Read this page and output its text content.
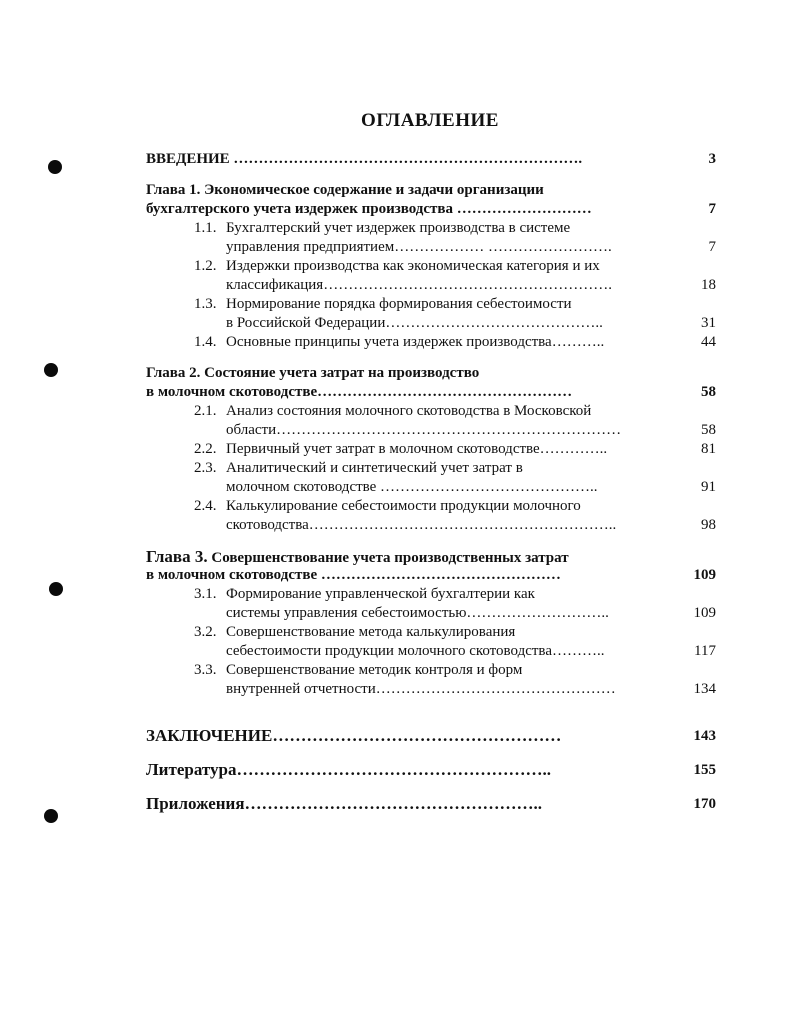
ОГЛАВЛЕНИЕ
ВВЕДЕНИЕ …………………………………………………………….	3
Глава 1. Экономическое содержание и задачи организации
бухгалтерского учета издержек производства ………………………	7
1.1. Бухгалтерский учет издержек производства в системе
управления предприятием……………… …………………….	7
1.2. Издержки производства как экономическая категория и их
классификация………………………………………………….	18
1.3. Нормирование порядка формирования себестоимости
в Российской Федерации……………………………………..	31
1.4. Основные принципы учета издержек производства………..	44
Глава 2. Состояние учета затрат на производство
в молочном скотоводстве……………………………………………	58
2.1. Анализ состояния молочного скотоводства в Московской
области……………………………………………………………	58
2.2. Первичный учет затрат в молочном скотоводстве…………..	81
2.3. Аналитический и синтетический учет затрат в
молочном скотоводстве ……………………………………..	91
2.4. Калькулирование себестоимости продукции молочного
скотоводства……………………………………………………..	98
Глава 3. Совершенствование учета производственных затрат
в молочном скотоводстве …………………………………………	109
3.1. Формирование управленческой бухгалтерии как
системы управления себестоимостью………………………..	109
3.2. Совершенствование метода калькулирования
себестоимости продукции молочного скотоводства………..	117
3.3. Совершенствование методик контроля и форм
внутренней отчетности…………………………………………	134
ЗАКЛЮЧЕНИЕ……………………………………………	143
Литература………………………………………………..	155
Приложения……………………………………………..	170
